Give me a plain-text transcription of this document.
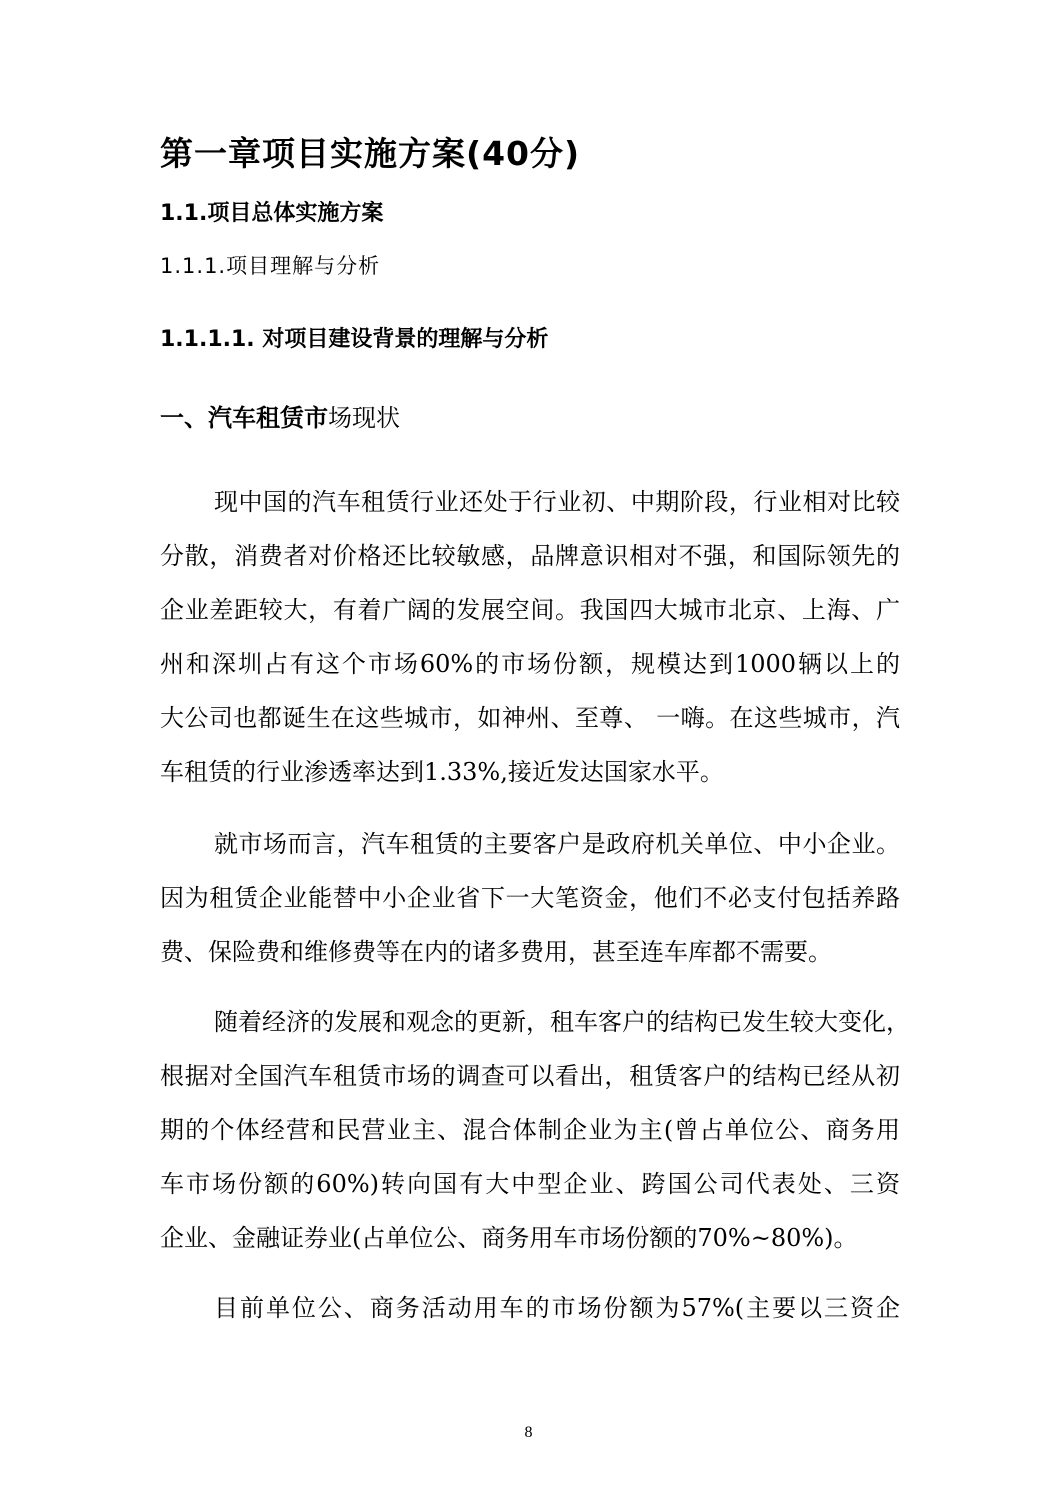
第一章项目实施方案(40分)
1.1.项目总体实施方案
1.1.1.项目理解与分析
1.1.1.1. 对项目建设背景的理解与分析
一、汽车租赁市场现状
现中国的汽车租赁行业还处于行业初、中期阶段，行业相对比较
分散，消费者对价格还比较敏感，品牌意识相对不强，和国际领先的
企业差距较大，有着广阔的发展空间。我国四大城市北京、上海、广
州和深圳占有这个市场60%的市场份额，规模达到1000辆以上的
大公司也都诞生在这些城市，如神州、至尊、 一嗨。在这些城市，汽
车租赁的行业渗透率达到1.33%,接近发达国家水平。
就市场而言，汽车租赁的主要客户是政府机关单位、中小企业。
因为租赁企业能替中小企业省下一大笔资金，他们不必支付包括养路
费、保险费和维修费等在内的诸多费用，甚至连车库都不需要。
随着经济的发展和观念的更新，租车客户的结构已发生较大变化，
根据对全国汽车租赁市场的调查可以看出，租赁客户的结构已经从初
期的个体经营和民营业主、混合体制企业为主(曾占单位公、商务用
车市场份额的60%)转向国有大中型企业、跨国公司代表处、三资
企业、金融证券业(占单位公、商务用车市场份额的70%~80%)。
目前单位公、商务活动用车的市场份额为57%(主要以三资企
8
